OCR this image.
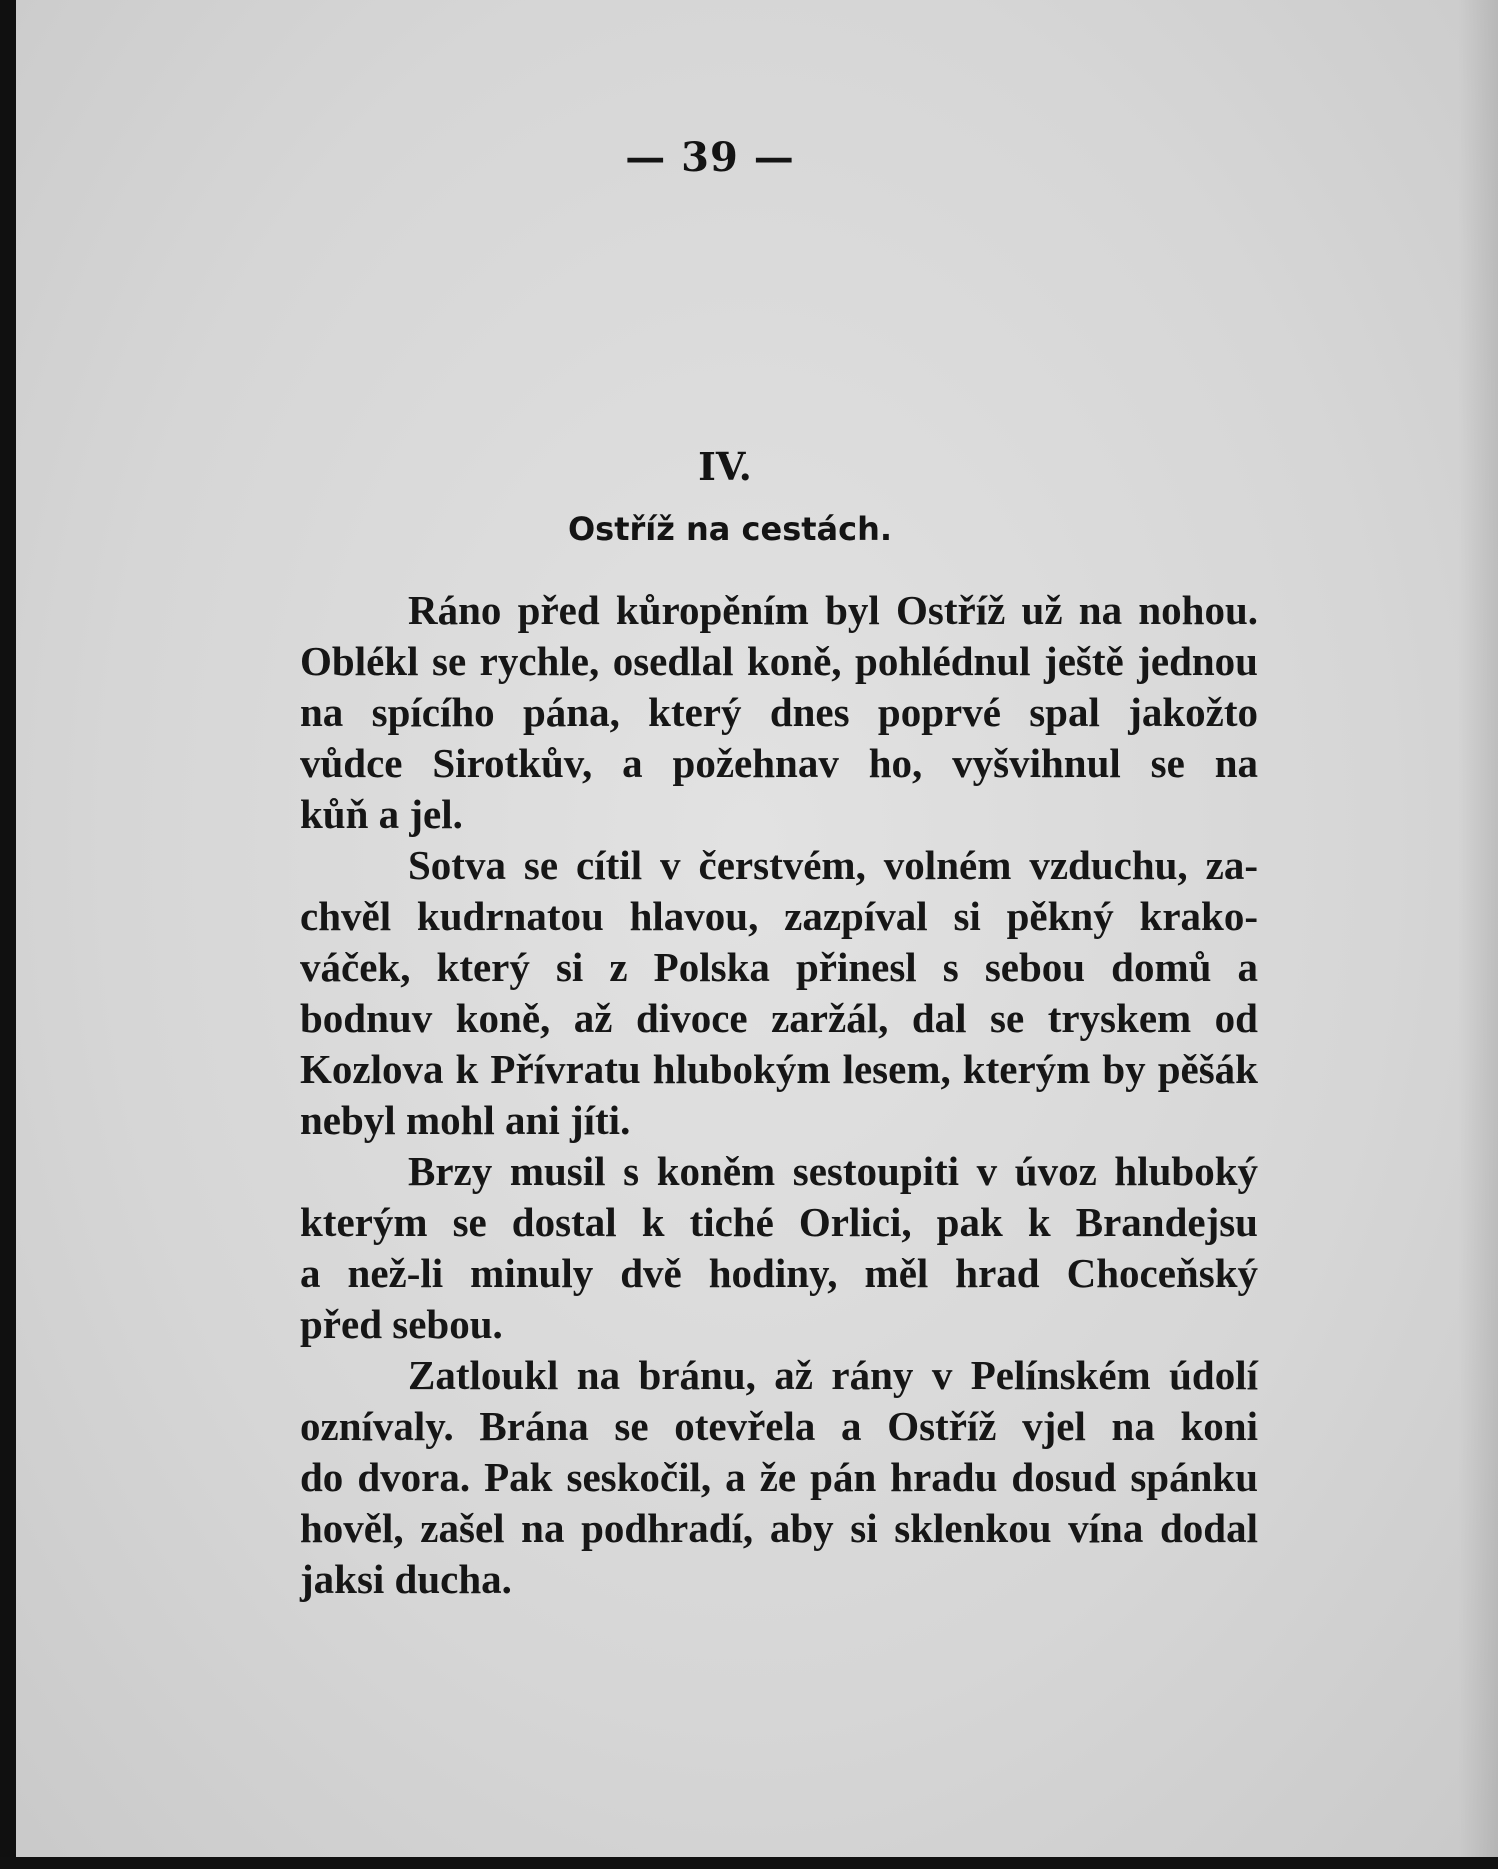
— 39 —
IV.
Ostříž na cestách.
Ráno před kůropěním byl Ostříž už na nohou.
Oblékl se rychle, osedlal koně, pohlédnul ještě jednou
na spícího pána, který dnes poprvé spal jakožto
vůdce Sirotkův, a požehnav ho, vyšvihnul se na
kůň a jel.
Sotva se cítil v čerstvém, volném vzduchu, za-
chvěl kudrnatou hlavou, zazpíval si pěkný krako-
váček, který si z Polska přinesl s sebou domů a
bodnuv koně, až divoce zaržál, dal se tryskem od
Kozlova k Přívratu hlubokým lesem, kterým by pěšák
nebyl mohl ani jíti.
Brzy musil s koněm sestoupiti v úvoz hluboký
kterým se dostal k tiché Orlici, pak k Brandejsu
a než-li minuly dvě hodiny, měl hrad Choceňský
před sebou.
Zatloukl na bránu, až rány v Pelínském údolí
oznívaly. Brána se otevřela a Ostříž vjel na koni
do dvora. Pak seskočil, a že pán hradu dosud spánku
hověl, zašel na podhradí, aby si sklenkou vína dodal
jaksi ducha.
